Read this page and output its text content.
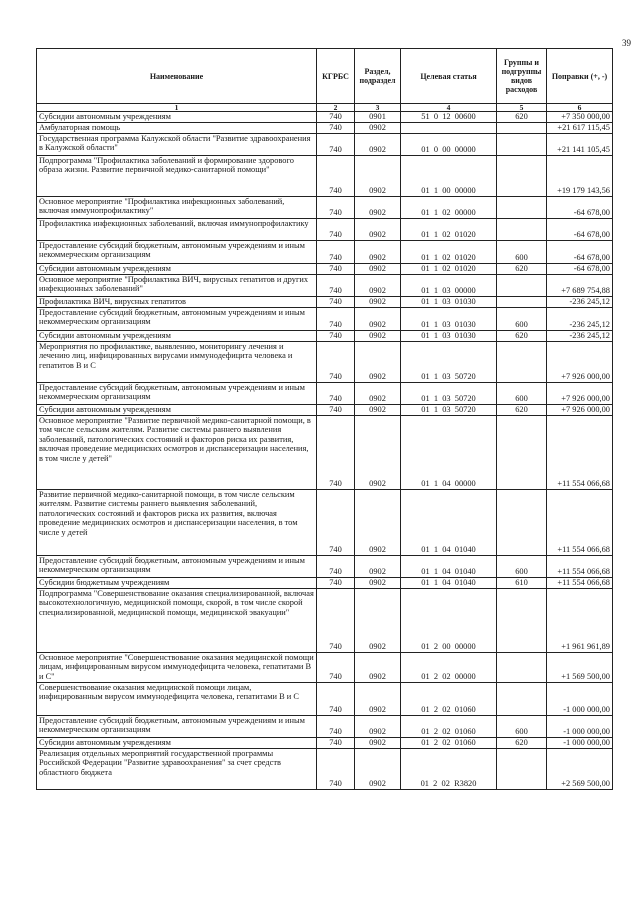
39
Наименование	КГРБС	Раздел, подраздел	Целевая статья	Группы и подгруппы видов расходов	Поправки (+, -)
1	2	3	4	5	6
Субсидии автономным учреждениям	740	0901	51  0  12  00600	620	+7 350 000,00
Амбулаторная помощь	740	0902			+21 617 115,45
Государственная программа Калужской области "Развитие здравоохранения в Калужской области"	740	0902	01  0  00  00000		+21 141 105,45
Подпрограмма "Профилактика заболеваний и формирование здорового образа жизни. Развитие первичной медико-санитарной помощи"	740	0902	01  1  00  00000		+19 179 143,56
Основное мероприятие "Профилактика инфекционных заболеваний, включая иммунопрофилактику"	740	0902	01  1  02  00000		-64 678,00
Профилактика инфекционных заболеваний, включая иммунопрофилактику	740	0902	01  1  02  01020		-64 678,00
Предоставление субсидий бюджетным, автономным учреждениям и иным некоммерческим организациям	740	0902	01  1  02  01020	600	-64 678,00
Субсидии автономным учреждениям	740	0902	01  1  02  01020	620	-64 678,00
Основное мероприятие "Профилактика ВИЧ, вирусных гепатитов и других инфекционных заболеваний"	740	0902	01  1  03  00000		+7 689 754,88
Профилактика ВИЧ, вирусных гепатитов	740	0902	01  1  03  01030		-236 245,12
Предоставление субсидий бюджетным, автономным учреждениям и иным некоммерческим организациям	740	0902	01  1  03  01030	600	-236 245,12
Субсидии автономным учреждениям	740	0902	01  1  03  01030	620	-236 245,12
Мероприятия по профилактике, выявлению, мониторингу лечения и лечению лиц, инфицированных вирусами иммунодефицита человека и гепатитов В и С	740	0902	01  1  03  50720		+7 926 000,00
Предоставление субсидий бюджетным, автономным учреждениям и иным некоммерческим организациям	740	0902	01  1  03  50720	600	+7 926 000,00
Субсидии автономным учреждениям	740	0902	01  1  03  50720	620	+7 926 000,00
Основное мероприятие "Развитие первичной медико-санитарной помощи, в том числе сельским жителям. Развитие системы раннего выявления заболеваний, патологических состояний и факторов риска их развития, включая проведение медицинских осмотров и диспансеризации населения, в том числе у детей"	740	0902	01  1  04  00000		+11 554 066,68
Развитие первичной медико-санитарной помощи, в том числе сельским жителям. Развитие системы раннего выявления заболеваний, патологических состояний и факторов риска их развития, включая проведение медицинских осмотров и диспансеризации населения, в том числе у детей	740	0902	01  1  04  01040		+11 554 066,68
Предоставление субсидий бюджетным, автономным учреждениям и иным некоммерческим организациям	740	0902	01  1  04  01040	600	+11 554 066,68
Субсидии бюджетным учреждениям	740	0902	01  1  04  01040	610	+11 554 066,68
Подпрограмма "Совершенствование оказания специализированной, включая высокотехнологичную, медицинской помощи, скорой, в том числе скорой специализированной, медицинской помощи, медицинской эвакуации"	740	0902	01  2  00  00000		+1 961 961,89
Основное мероприятие "Совершенствование оказания медицинской помощи лицам, инфицированным вирусом иммунодефицита человека, гепатитами В и С"	740	0902	01  2  02  00000		+1 569 500,00
Совершенствование оказания медицинской помощи лицам, инфицированным вирусом иммунодефицита человека, гепатитами В и С	740	0902	01  2  02  01060		-1 000 000,00
Предоставление субсидий бюджетным, автономным учреждениям и иным некоммерческим организациям	740	0902	01  2  02  01060	600	-1 000 000,00
Субсидии автономным учреждениям	740	0902	01  2  02  01060	620	-1 000 000,00
Реализация отдельных мероприятий государственной программы Российской Федерации "Развитие здравоохранения" за счет средств областного бюджета	740	0902	01  2  02  R3820		+2 569 500,00
